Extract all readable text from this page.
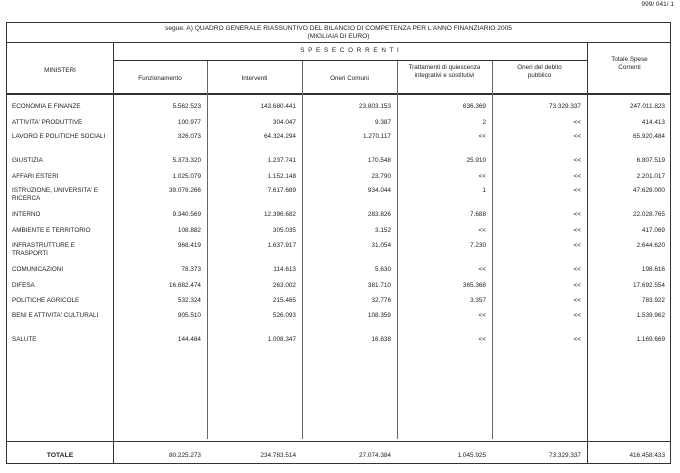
999/ 041/ 1
segue: A) QUADRO GENERALE RIASSUNTIVO DEL BILANCIO DI COMPETENZA PER L'ANNO FINANZIARIO 2005
(MIGLIAIA DI EURO)
MINISTERI
S P E S E C O R R E N T I
Funzionamento	Interventi	Oneri Comuni
Trattamenti di quiescenza integrativi e sostitutivi
Oneri del debito pubblico
Totale Spese Correnti
ECONOMIA E FINANZE	5.562.523	143.680.441	23.803.153	636.369	73.329.337	247.011.823
ATTIVITA' PRODUTTIVE	100.977	304.047	9.387	2	<<	414.413
LAVORO E POLITICHE SOCIALI	326.073	64.324.294	1.270.117	<<	<<	65.920.484
GIUSTIZIA	5.373.320	1.237.741	170.548	25.910	<<	6.807.519
AFFARI ESTERI	1.025.079	1.152.148	23.790	<<	<<	2.201.017
ISTRUZIONE, UNIVERSITA' E RICERCA
39.076.266	7.617.689	934.044	1	<<	47.628.000
INTERNO	9.340.569	12.396.682	283.826	7.688	<<	22.028.765
AMBIENTE E TERRITORIO	108.882	305.035	3.152	<<	<<	417.069
INFRASTRUTTURE E TRASPORTI
968.419	1.637.917	31.054	7.230	<<	2.644.620
COMUNICAZIONI	78.373	114.613	5.630	<<	<<	198.616
DIFESA	16.682.474	263.002	381.710	365.368	<<	17.692.554
POLITICHE AGRICOLE	532.324	215.465	32.776	3.357	<<	783.922
BENI E ATTIVITA' CULTURALI	905.510	526.093	108.359	<<	<<	1.539.962
SALUTE	144.484	1.008.347	16.838	<<	<<	1.169.669
TOTALE	80.225.273	234.783.514	27.074.384	1.045.925	73.329.337	416.458.433
